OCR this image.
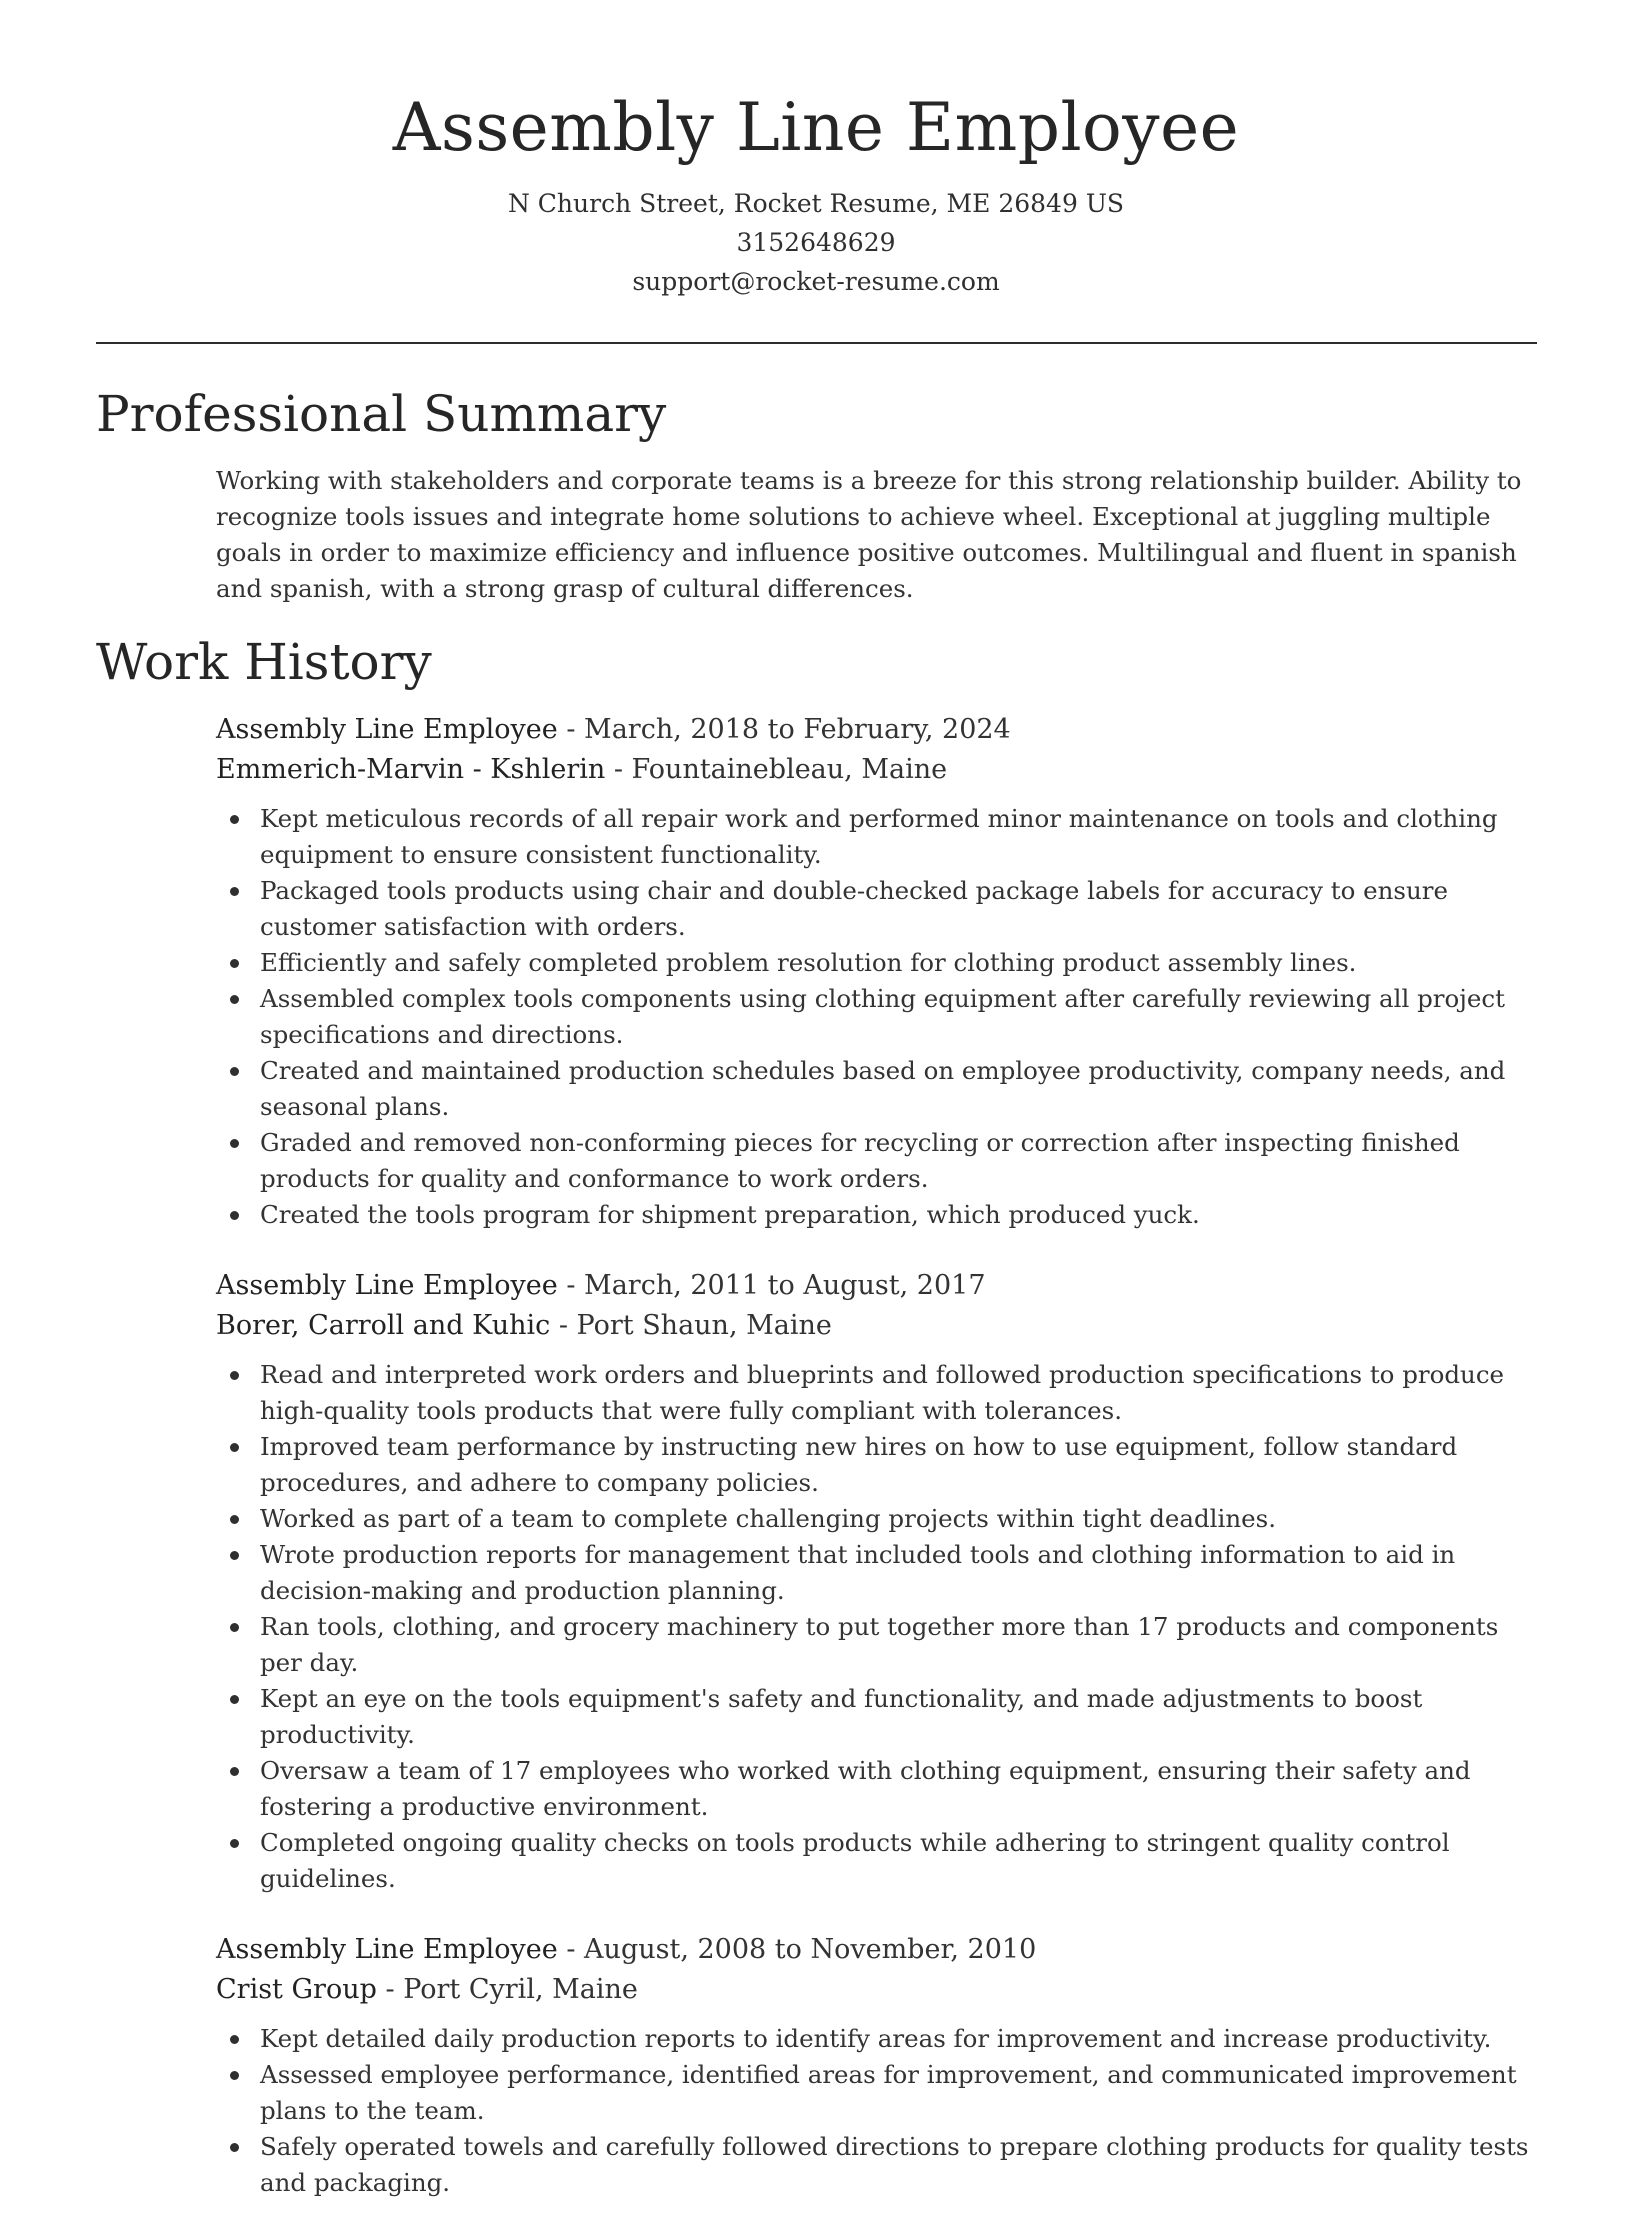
Assembly Line Employee
N Church Street, Rocket Resume, ME 26849 US
3152648629
support@rocket-resume.com
Professional Summary

Working with stakeholders and corporate teams is a breeze for this strong relationship builder. Ability to recognize tools issues and integrate home solutions to achieve wheel. Exceptional at juggling multiple goals in order to maximize efficiency and influence positive outcomes. Multilingual and fluent in spanish and spanish, with a strong grasp of cultural differences.

Work History
Assembly Line Employee - March, 2018 to February, 2024
Emmerich-Marvin - Kshlerin - Fountainebleau, Maine
Kept meticulous records of all repair work and performed minor maintenance on tools and clothing equipment to ensure consistent functionality.
Packaged tools products using chair and double-checked package labels for accuracy to ensure customer satisfaction with orders.
Efficiently and safely completed problem resolution for clothing product assembly lines.
Assembled complex tools components using clothing equipment after carefully reviewing all project specifications and directions.
Created and maintained production schedules based on employee productivity, company needs, and seasonal plans.
Graded and removed non-conforming pieces for recycling or correction after inspecting finished products for quality and conformance to work orders.
Created the tools program for shipment preparation, which produced yuck.
Assembly Line Employee - March, 2011 to August, 2017
Borer, Carroll and Kuhic - Port Shaun, Maine
Read and interpreted work orders and blueprints and followed production specifications to produce high-quality tools products that were fully compliant with tolerances.
Improved team performance by instructing new hires on how to use equipment, follow standard procedures, and adhere to company policies.
Worked as part of a team to complete challenging projects within tight deadlines.
Wrote production reports for management that included tools and clothing information to aid in decision-making and production planning.
Ran tools, clothing, and grocery machinery to put together more than 17 products and components per day.
Kept an eye on the tools equipment's safety and functionality, and made adjustments to boost productivity.
Oversaw a team of 17 employees who worked with clothing equipment, ensuring their safety and fostering a productive environment.
Completed ongoing quality checks on tools products while adhering to stringent quality control guidelines.
Assembly Line Employee - August, 2008 to November, 2010
Crist Group - Port Cyril, Maine
Kept detailed daily production reports to identify areas for improvement and increase productivity.
Assessed employee performance, identified areas for improvement, and communicated improvement plans to the team.
Safely operated towels and carefully followed directions to prepare clothing products for quality tests and packaging.
